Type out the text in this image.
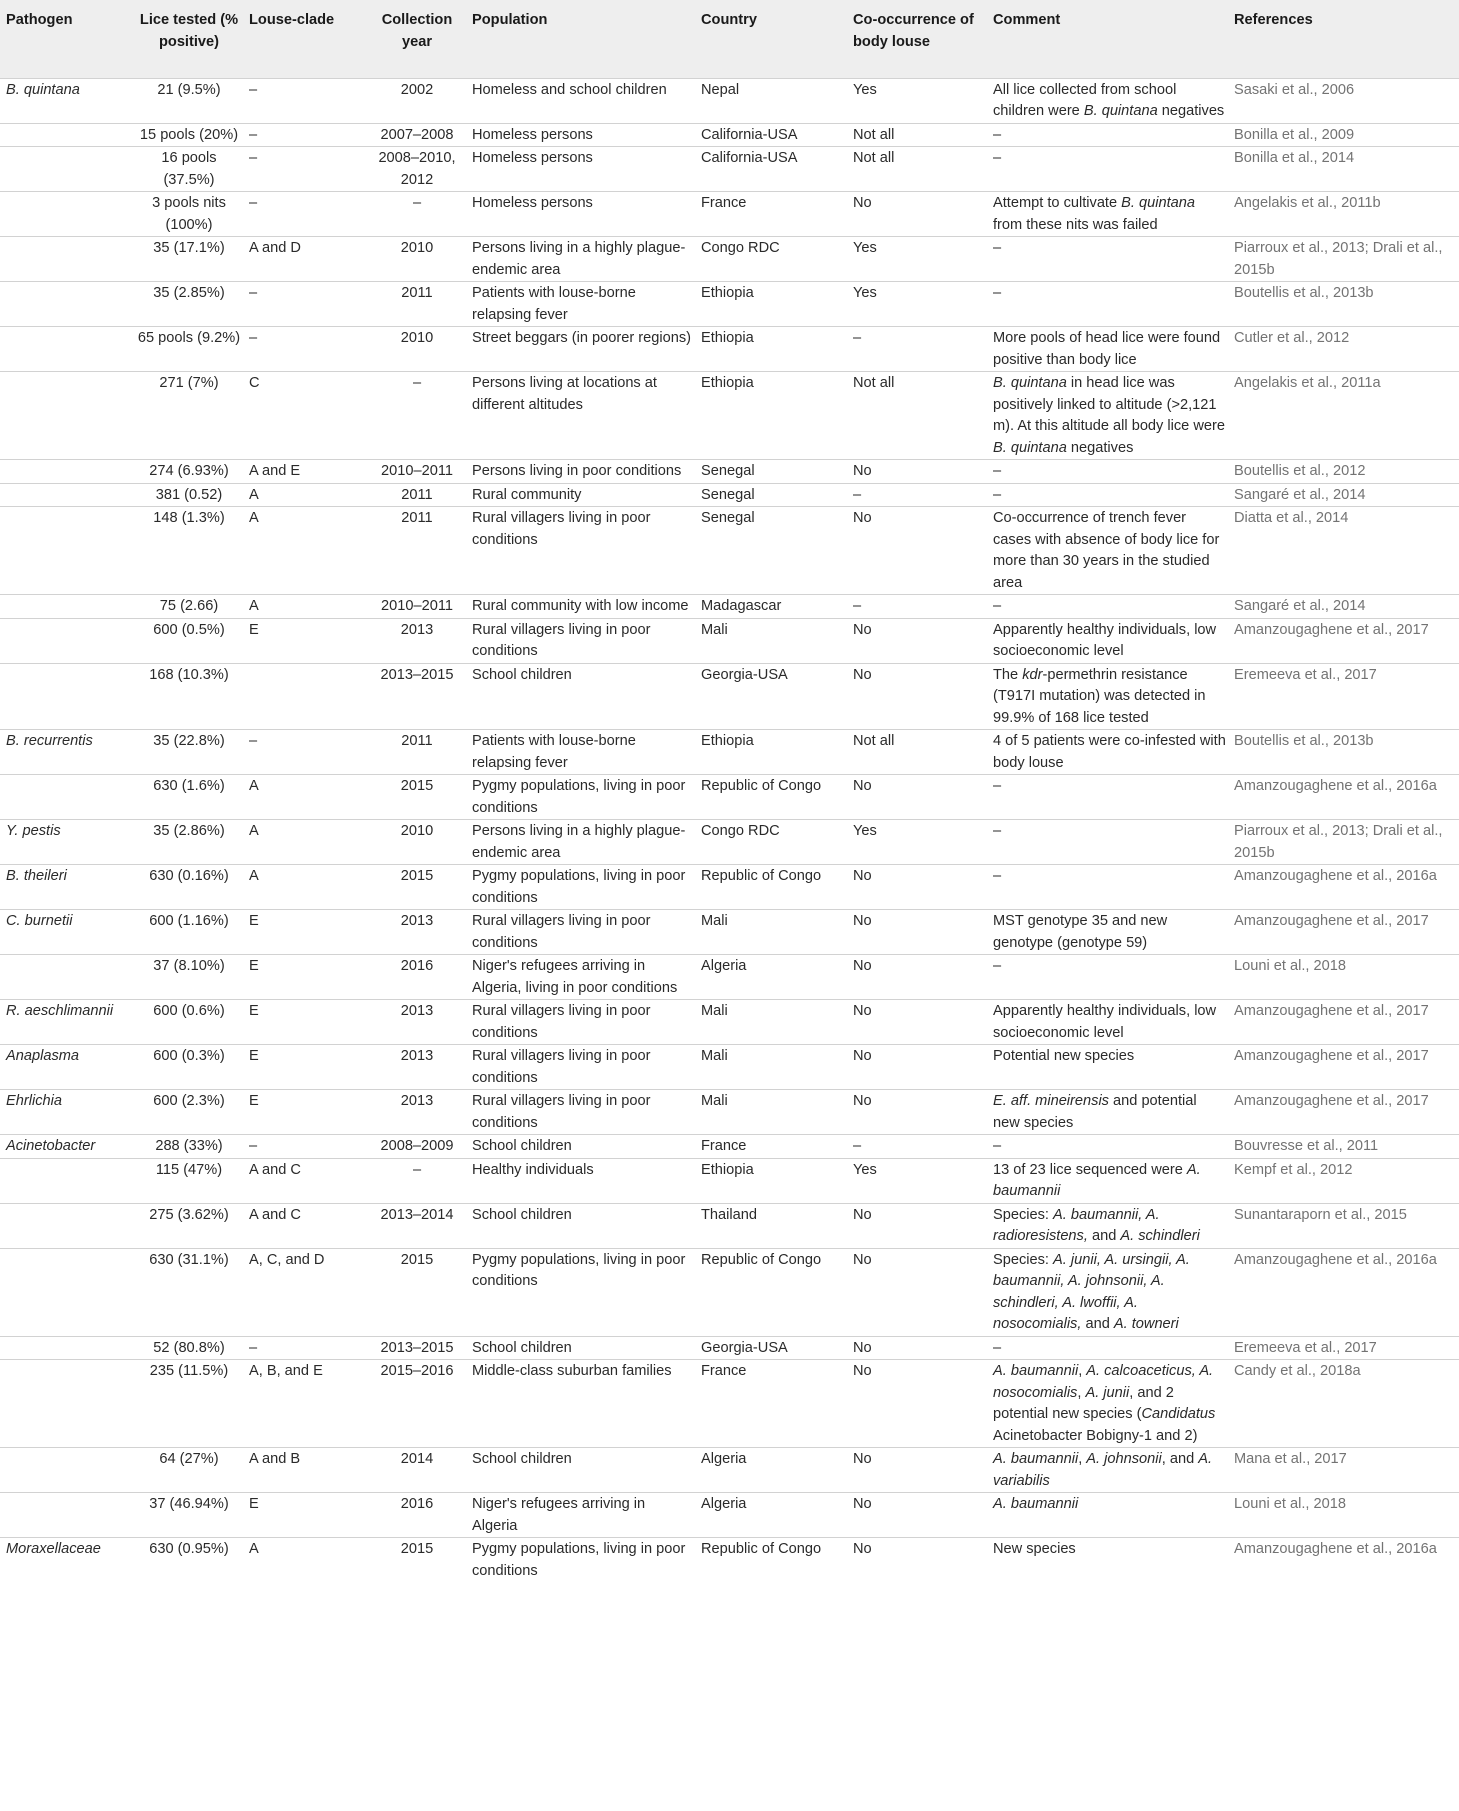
Pathogen	Lice tested (% positive)	Louse-clade	Collection year	Population	Country	Co-occurrence of body louse	Comment	References
B. quintana	21 (9.5%)	–	2002	Homeless and school children	Nepal	Yes	All lice collected from school children were B. quintana negatives	Sasaki et al., 2006
	15 pools (20%)	–	2007–2008	Homeless persons	California-USA	Not all	–	Bonilla et al., 2009
	16 pools (37.5%)	–	2008–2010, 2012	Homeless persons	California-USA	Not all	–	Bonilla et al., 2014
	3 pools nits (100%)	–	–	Homeless persons	France	No	Attempt to cultivate B. quintana from these nits was failed	Angelakis et al., 2011b
	35 (17.1%)	A and D	2010	Persons living in a highly plague-endemic area	Congo RDC	Yes	–	Piarroux et al., 2013; Drali et al., 2015b
	35 (2.85%)	–	2011	Patients with louse-borne relapsing fever	Ethiopia	Yes	–	Boutellis et al., 2013b
	65 pools (9.2%)	–	2010	Street beggars (in poorer regions)	Ethiopia	–	More pools of head lice were found positive than body lice	Cutler et al., 2012
	271 (7%)	C	–	Persons living at locations at different altitudes	Ethiopia	Not all	B. quintana in head lice was positively linked to altitude (>2,121 m). At this altitude all body lice were B. quintana negatives	Angelakis et al., 2011a
	274 (6.93%)	A and E	2010–2011	Persons living in poor conditions	Senegal	No	–	Boutellis et al., 2012
	381 (0.52)	A	2011	Rural community	Senegal	–	–	Sangaré et al., 2014
	148 (1.3%)	A	2011	Rural villagers living in poor conditions	Senegal	No	Co-occurrence of trench fever cases with absence of body lice for more than 30 years in the studied area	Diatta et al., 2014
	75 (2.66)	A	2010–2011	Rural community with low income	Madagascar	–	–	Sangaré et al., 2014
	600 (0.5%)	E	2013	Rural villagers living in poor conditions	Mali	No	Apparently healthy individuals, low socioeconomic level	Amanzougaghene et al., 2017
	168 (10.3%)		2013–2015	School children	Georgia-USA	No	The kdr-permethrin resistance (T917I mutation) was detected in 99.9% of 168 lice tested	Eremeeva et al., 2017
B. recurrentis	35 (22.8%)	–	2011	Patients with louse-borne relapsing fever	Ethiopia	Not all	4 of 5 patients were co-infested with body louse	Boutellis et al., 2013b
	630 (1.6%)	A	2015	Pygmy populations, living in poor conditions	Republic of Congo	No	–	Amanzougaghene et al., 2016a
Y. pestis	35 (2.86%)	A	2010	Persons living in a highly plague-endemic area	Congo RDC	Yes	–	Piarroux et al., 2013; Drali et al., 2015b
B. theileri	630 (0.16%)	A	2015	Pygmy populations, living in poor conditions	Republic of Congo	No	–	Amanzougaghene et al., 2016a
C. burnetii	600 (1.16%)	E	2013	Rural villagers living in poor conditions	Mali	No	MST genotype 35 and new genotype (genotype 59)	Amanzougaghene et al., 2017
	37 (8.10%)	E	2016	Niger's refugees arriving in Algeria, living in poor conditions	Algeria	No	–	Louni et al., 2018
R. aeschlimannii	600 (0.6%)	E	2013	Rural villagers living in poor conditions	Mali	No	Apparently healthy individuals, low socioeconomic level	Amanzougaghene et al., 2017
Anaplasma	600 (0.3%)	E	2013	Rural villagers living in poor conditions	Mali	No	Potential new species	Amanzougaghene et al., 2017
Ehrlichia	600 (2.3%)	E	2013	Rural villagers living in poor conditions	Mali	No	E. aff. mineirensis and potential new species	Amanzougaghene et al., 2017
Acinetobacter	288 (33%)	–	2008–2009	School children	France	–	–	Bouvresse et al., 2011
	115 (47%)	A and C	–	Healthy individuals	Ethiopia	Yes	13 of 23 lice sequenced were A. baumannii	Kempf et al., 2012
	275 (3.62%)	A and C	2013–2014	School children	Thailand	No	Species: A. baumannii, A. radioresistens, and A. schindleri	Sunantaraporn et al., 2015
	630 (31.1%)	A, C, and D	2015	Pygmy populations, living in poor conditions	Republic of Congo	No	Species: A. junii, A. ursingii, A. baumannii, A. johnsonii, A. schindleri, A. lwoffii, A. nosocomialis, and A. towneri	Amanzougaghene et al., 2016a
	52 (80.8%)	–	2013–2015	School children	Georgia-USA	No	–	Eremeeva et al., 2017
	235 (11.5%)	A, B, and E	2015–2016	Middle-class suburban families	France	No	A. baumannii, A. calcoaceticus, A. nosocomialis, A. junii, and 2 potential new species (Candidatus Acinetobacter Bobigny-1 and 2)	Candy et al., 2018a
	64 (27%)	A and B	2014	School children	Algeria	No	A. baumannii, A. johnsonii, and A. variabilis	Mana et al., 2017
	37 (46.94%)	E	2016	Niger's refugees arriving in Algeria	Algeria	No	A. baumannii	Louni et al., 2018
Moraxellaceae	630 (0.95%)	A	2015	Pygmy populations, living in poor conditions	Republic of Congo	No	New species	Amanzougaghene et al., 2016a
